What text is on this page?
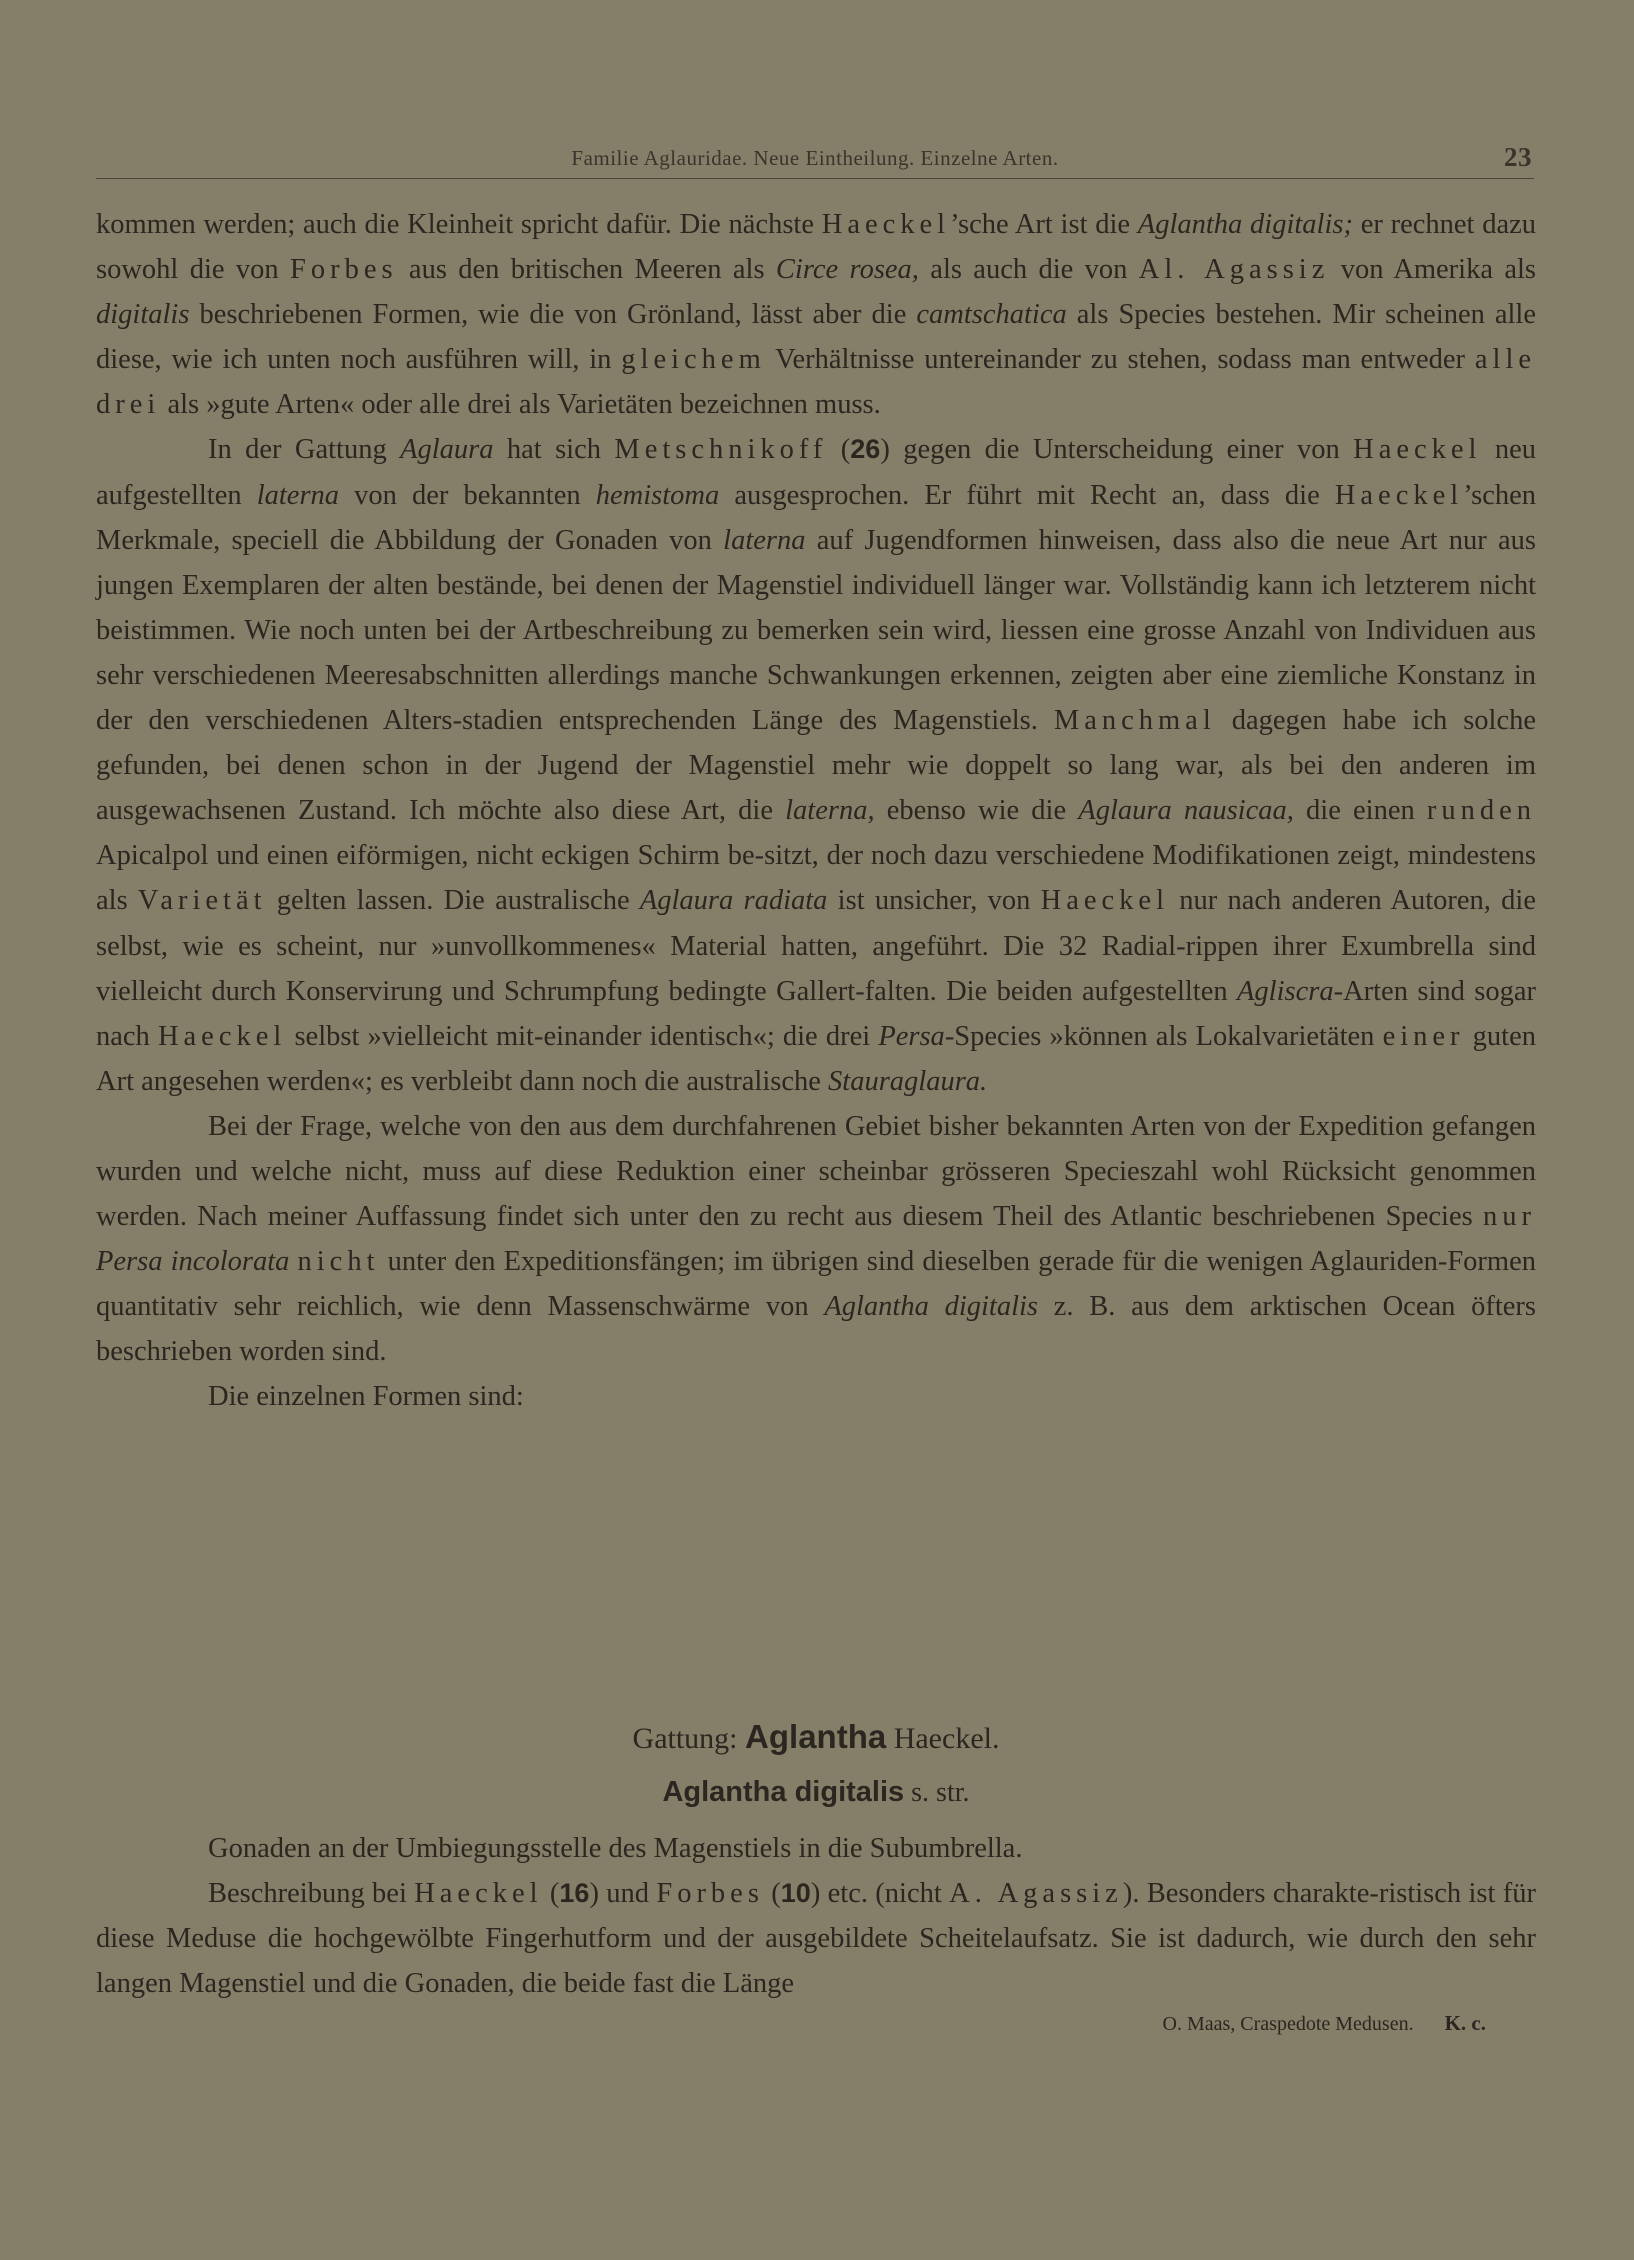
Familie Aglauridae. Neue Eintheilung. Einzelne Arten.	23

kommen werden; auch die Kleinheit spricht dafür. Die nächste Haeckel’sche Art ist die Aglantha digitalis; er rechnet dazu sowohl die von Forbes aus den britischen Meeren als Circe rosea, als auch die von Al. Agassiz von Amerika als digitalis beschriebenen Formen, wie die von Grönland, lässt aber die camtschatica als Species bestehen. Mir scheinen alle diese, wie ich unten noch ausführen will, in gleichem Verhältnisse untereinander zu stehen, sodass man entweder alle drei als »gute Arten« oder alle drei als Varietäten bezeichnen muss.

In der Gattung Aglaura hat sich Metschnikoff (26) gegen die Unterscheidung einer von Haeckel neu aufgestellten laterna von der bekannten hemistoma ausgesprochen. Er führt mit Recht an, dass die Haeckel’schen Merkmale, speciell die Abbildung der Gonaden von laterna auf Jugendformen hinweisen, dass also die neue Art nur aus jungen Exemplaren der alten bestände, bei denen der Magenstiel individuell länger war. Vollständig kann ich letzterem nicht beistimmen. Wie noch unten bei der Artbeschreibung zu bemerken sein wird, liessen eine grosse Anzahl von Individuen aus sehr verschiedenen Meeresabschnitten allerdings manche Schwankungen erkennen, zeigten aber eine ziemliche Konstanz in der den verschiedenen Alters-stadien entsprechenden Länge des Magenstiels. Manchmal dagegen habe ich solche gefunden, bei denen schon in der Jugend der Magenstiel mehr wie doppelt so lang war, als bei den anderen im ausgewachsenen Zustand. Ich möchte also diese Art, die laterna, ebenso wie die Aglaura nausicaa, die einen runden Apicalpol und einen eiförmigen, nicht eckigen Schirm be-sitzt, der noch dazu verschiedene Modifikationen zeigt, mindestens als Varietät gelten lassen. Die australische Aglaura radiata ist unsicher, von Haeckel nur nach anderen Autoren, die selbst, wie es scheint, nur »unvollkommenes« Material hatten, angeführt. Die 32 Radial-rippen ihrer Exumbrella sind vielleicht durch Konservirung und Schrumpfung bedingte Gallert-falten. Die beiden aufgestellten Agliscra-Arten sind sogar nach Haeckel selbst »vielleicht mit-einander identisch«; die drei Persa-Species »können als Lokalvarietäten einer guten Art angesehen werden«; es verbleibt dann noch die australische Stauraglaura.

Bei der Frage, welche von den aus dem durchfahrenen Gebiet bisher bekannten Arten von der Expedition gefangen wurden und welche nicht, muss auf diese Reduktion einer scheinbar grösseren Specieszahl wohl Rücksicht genommen werden. Nach meiner Auffassung findet sich unter den zu recht aus diesem Theil des Atlantic beschriebenen Species nur Persa incolorata nicht unter den Expeditionsfängen; im übrigen sind dieselben gerade für die wenigen Aglauriden-Formen quantitativ sehr reichlich, wie denn Massenschwärme von Aglantha digitalis z. B. aus dem arktischen Ocean öfters beschrieben worden sind.

Die einzelnen Formen sind:

Gattung: Aglantha Haeckel.
Aglantha digitalis s. str.

Gonaden an der Umbiegungsstelle des Magenstiels in die Subumbrella.

Beschreibung bei Haeckel (16) und Forbes (10) etc. (nicht A. Agassiz). Besonders charakte-ristisch ist für diese Meduse die hochgewölbte Fingerhutform und der ausgebildete Scheitelaufsatz. Sie ist dadurch, wie durch den sehr langen Magenstiel und die Gonaden, die beide fast die Länge

O. Maas, Craspedote Medusen. K. c.
